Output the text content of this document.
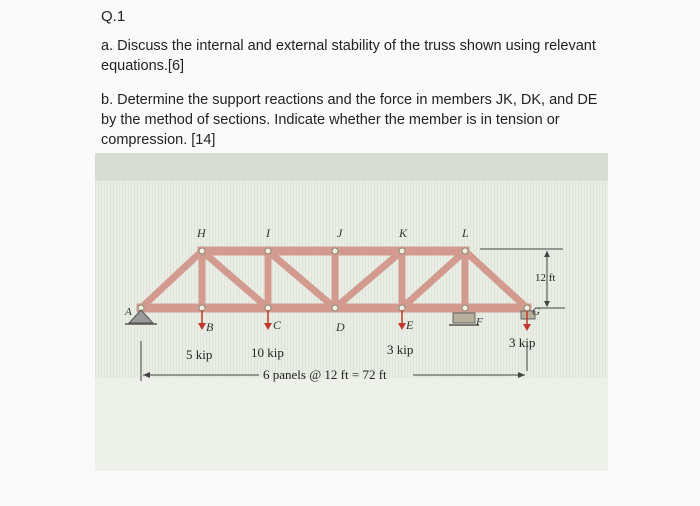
Q.1
a. Discuss the internal and external stability of the truss shown using relevant equations.[6]
b. Determine the support reactions and the force in members JK, DK, and DE by the method of sections. Indicate whether the member is in tension or compression. [14]
H	I	J	K	L
A
B	C	D	E	F
G
5 kip	10 kip	3 kip	3 kip
12 ft
6 panels @ 12 ft = 72 ft
